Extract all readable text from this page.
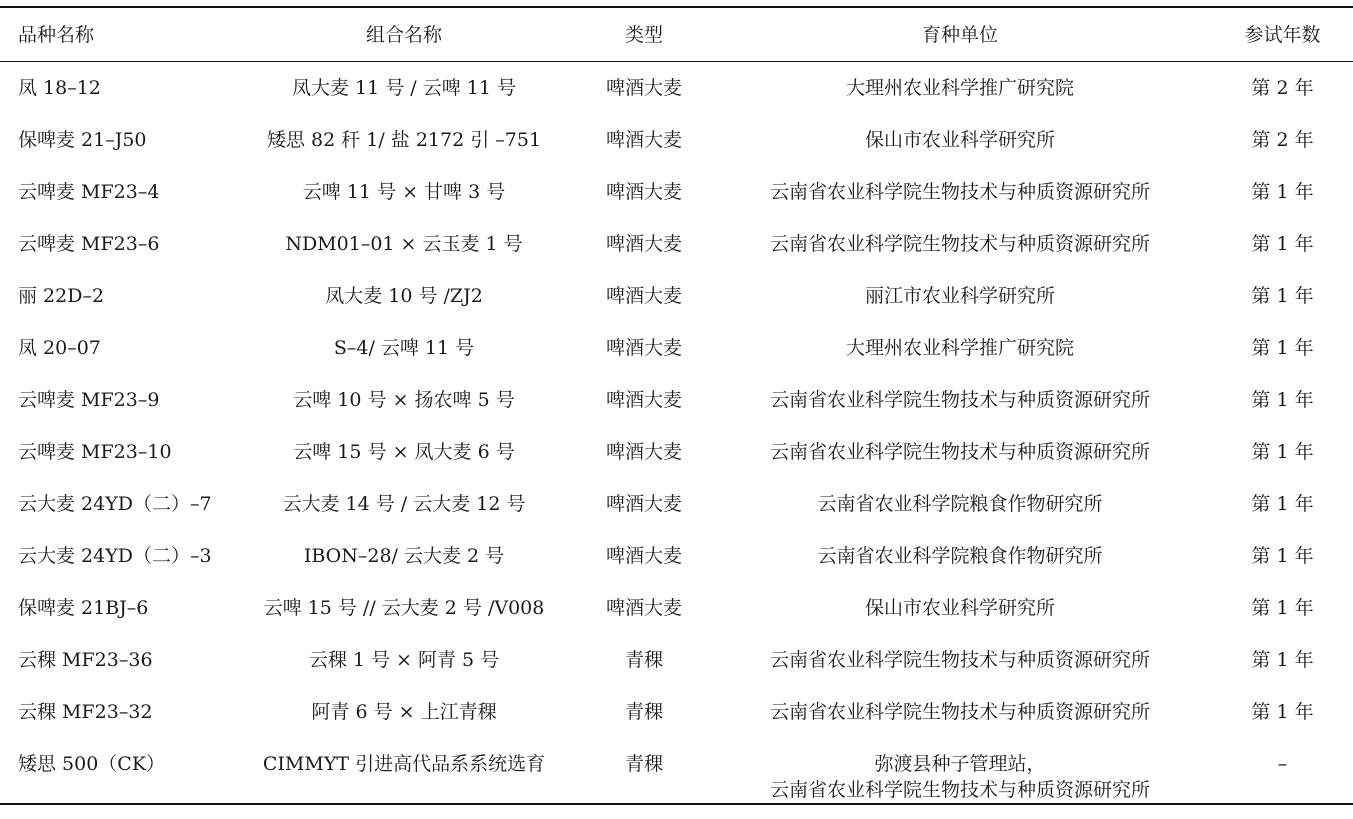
品种名称	组合名称	类型	育种单位	参试年数
凤 18–12	凤大麦 11 号 / 云啤 11 号	啤酒大麦	大理州农业科学推广研究院	第 2 年
保啤麦 21–J50	矮思 82 秆 1/ 盐 2172 引 –751	啤酒大麦	保山市农业科学研究所	第 2 年
云啤麦 MF23–4	云啤 11 号 × 甘啤 3 号	啤酒大麦	云南省农业科学院生物技术与种质资源研究所	第 1 年
云啤麦 MF23–6	NDM01–01 × 云玉麦 1 号	啤酒大麦	云南省农业科学院生物技术与种质资源研究所	第 1 年
丽 22D–2	凤大麦 10 号 /ZJ2	啤酒大麦	丽江市农业科学研究所	第 1 年
凤 20–07	S–4/ 云啤 11 号	啤酒大麦	大理州农业科学推广研究院	第 1 年
云啤麦 MF23–9	云啤 10 号 × 扬农啤 5 号	啤酒大麦	云南省农业科学院生物技术与种质资源研究所	第 1 年
云啤麦 MF23–10	云啤 15 号 × 凤大麦 6 号	啤酒大麦	云南省农业科学院生物技术与种质资源研究所	第 1 年
云大麦 24YD（二）–7	云大麦 14 号 / 云大麦 12 号	啤酒大麦	云南省农业科学院粮食作物研究所	第 1 年
云大麦 24YD（二）–3	IBON–28/ 云大麦 2 号	啤酒大麦	云南省农业科学院粮食作物研究所	第 1 年
保啤麦 21BJ–6	云啤 15 号 // 云大麦 2 号 /V008	啤酒大麦	保山市农业科学研究所	第 1 年
云稞 MF23–36	云稞 1 号 × 阿青 5 号	青稞	云南省农业科学院生物技术与种质资源研究所	第 1 年
云稞 MF23–32	阿青 6 号 × 上江青稞	青稞	云南省农业科学院生物技术与种质资源研究所	第 1 年
矮思 500（CK）	CIMMYT 引进高代品系系统选育	青稞	弥渡县种子管理站，
云南省农业科学院生物技术与种质资源研究所	–
